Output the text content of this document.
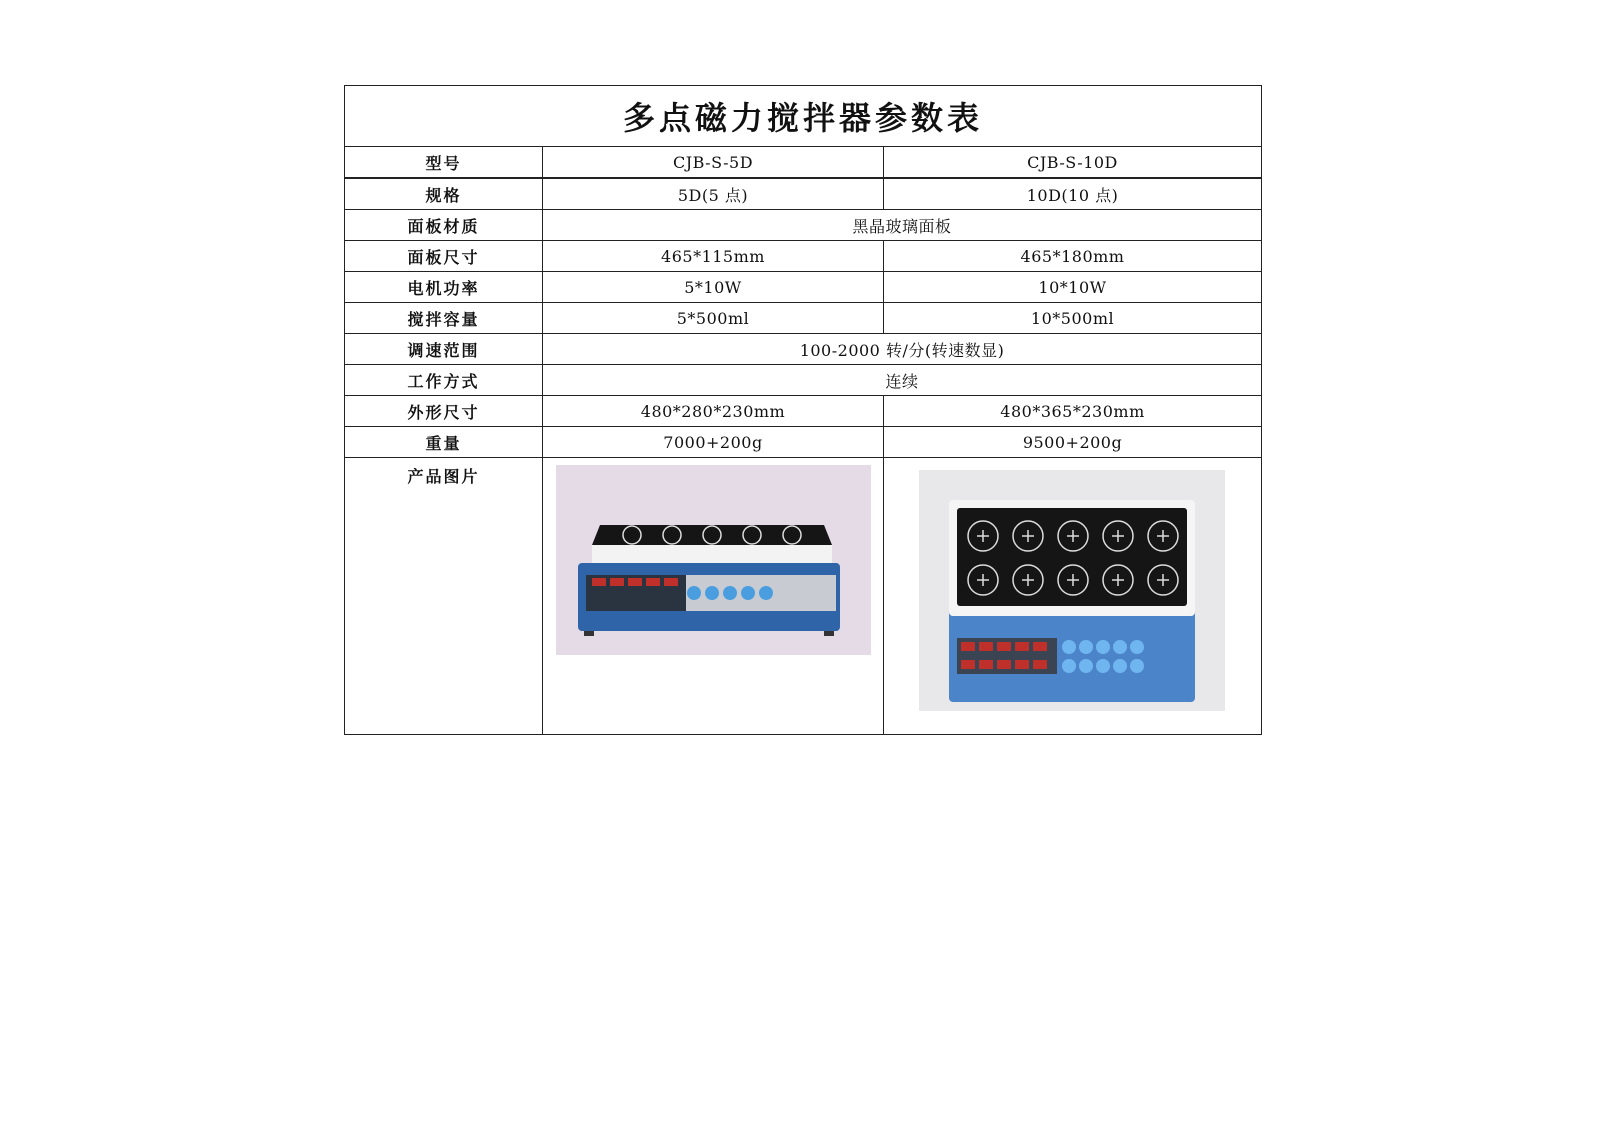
多点磁力搅拌器参数表		
型号	CJB-S-5D	CJB-S-10D
规格	5D(5 点)	10D(10 点)
面板材质	黑晶玻璃面板	
面板尺寸	465*115mm	465*180mm
电机功率	5*10W	10*10W
搅拌容量	5*500ml	10*500ml
调速范围	100-2000 转/分(转速数显)	
工作方式	连续	
外形尺寸	480*280*230mm	480*365*230mm
重量	7000+200g	9500+200g
产品图片	
